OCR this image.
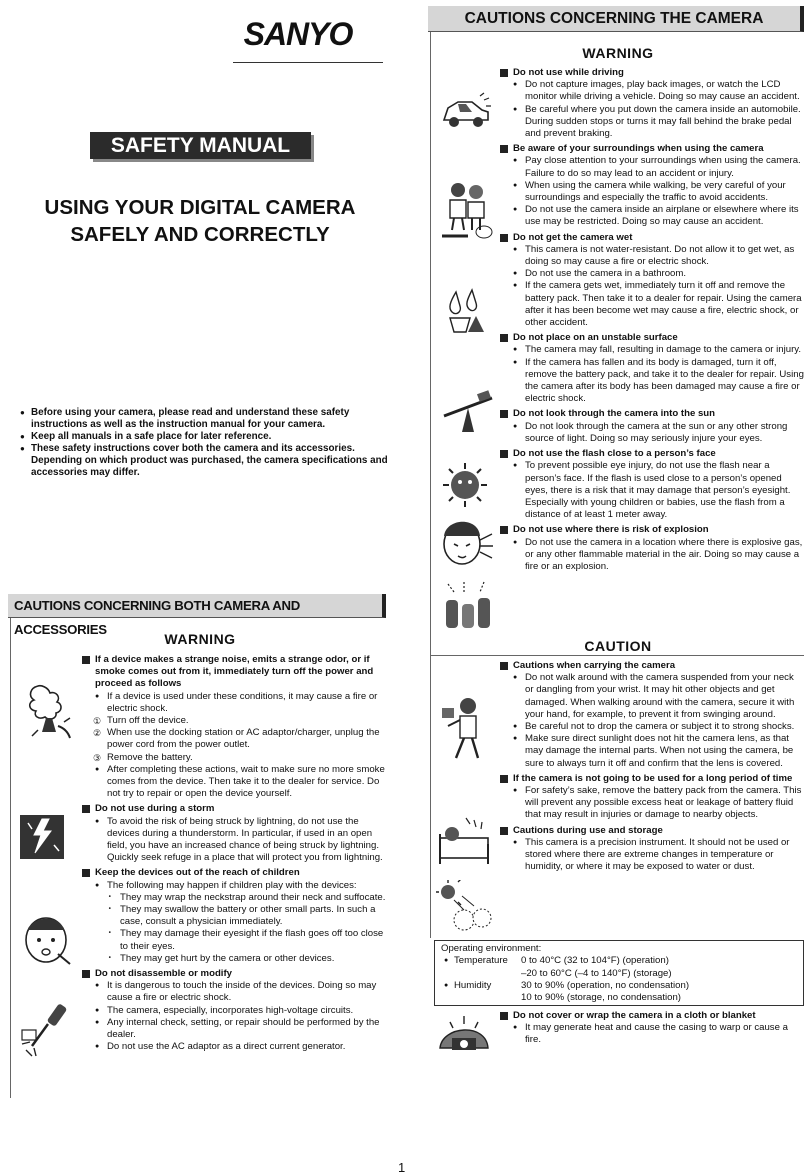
SANYO
SAFETY MANUAL
USING YOUR DIGITAL CAMERA
SAFELY AND CORRECTLY
● Before using your camera, please read and understand these safety instructions as well as the instruction manual for your camera.
● Keep all manuals in a safe place for later reference.
● These safety instructions cover both the camera and its accessories. Depending on which product was purchased, the camera specifications and accessories may differ.
CAUTIONS CONCERNING BOTH CAMERA AND ACCESSORIES
WARNING
If a device makes a strange noise, emits a strange odor, or if smoke comes out from it, immediately turn off the power and proceed as follows
● If a device is used under these conditions, it may cause a fire or electric shock.
① Turn off the device.
② When use the docking station or AC adaptor/charger, unplug the power cord from the power outlet.
③ Remove the battery.
● After completing these actions, wait to make sure no more smoke comes from the device. Then take it to the dealer for service. Do not try to repair or open the device yourself.
Do not use during a storm
● To avoid the risk of being struck by lightning, do not use the devices during a thunderstorm. In particular, if used in an open field, you have an increased chance of being struck by lightning. Quickly seek refuge in a place that will protect you from lightning.
Keep the devices out of the reach of children
● The following may happen if children play with the devices:
・ They may wrap the neckstrap around their neck and suffocate.
・ They may swallow the battery or other small parts. In such a case, consult a physician immediately.
・ They may damage their eyesight if the flash goes off too close to their eyes.
・ They may get hurt by the camera or other devices.
Do not disassemble or modify
● It is dangerous to touch the inside of the devices. Doing so may cause a fire or electric shock.
● The camera, especially, incorporates high-voltage circuits.
● Any internal check, setting, or repair should be performed by the dealer.
● Do not use the AC adaptor as a direct current generator.
CAUTIONS CONCERNING THE CAMERA
WARNING
Do not use while driving
● Do not capture images, play back images, or watch the LCD monitor while driving a vehicle. Doing so may cause an accident.
● Be careful where you put down the camera inside an automobile. During sudden stops or turns it may fall behind the brake pedal and prevent braking.
Be aware of your surroundings when using the camera
● Pay close attention to your surroundings when using the camera. Failure to do so may lead to an accident or injury.
● When using the camera while walking, be very careful of your surroundings and especially the traffic to avoid accidents.
● Do not use the camera inside an airplane or elsewhere where its use may be restricted. Doing so may cause an accident.
Do not get the camera wet
● This camera is not water-resistant. Do not allow it to get wet, as doing so may cause a fire or electric shock.
● Do not use the camera in a bathroom.
● If the camera gets wet, immediately turn it off and remove the battery pack. Then take it to a dealer for repair. Using the camera after it has been become wet may cause a fire, electric shock, or other accident.
Do not place on an unstable surface
● The camera may fall, resulting in damage to the camera or injury.
● If the camera has fallen and its body is damaged, turn it off, remove the battery pack, and take it to the dealer for repair. Using the camera after its body has been damaged may cause a fire or electric shock.
Do not look through the camera into the sun
● Do not look through the camera at the sun or any other strong source of light. Doing so may seriously injure your eyes.
Do not use the flash close to a person’s face
● To prevent possible eye injury, do not use the flash near a person’s face. If the flash is used close to a person’s opened eyes, there is a risk that it may damage that person’s eyesight. Especially with young children or babies, use the flash from a distance of at least 1 meter away.
Do not use where there is risk of explosion
● Do not use the camera in a location where there is explosive gas, or any other flammable material in the air. Doing so may cause a fire or an explosion.
CAUTION
Cautions when carrying the camera
● Do not walk around with the camera suspended from your neck or dangling from your wrist. It may hit other objects and get damaged. When walking around with the camera, secure it with your hand, for example, to prevent it from swinging around.
● Be careful not to drop the camera or subject it to strong shocks.
● Make sure direct sunlight does not hit the camera lens, as that may damage the internal parts. When not using the camera, be sure to always turn it off and confirm that the lens is covered.
If the camera is not going to be used for a long period of time
● For safety’s sake, remove the battery pack from the camera. This will prevent any possible excess heat or leakage of battery fluid that may result in injuries or damage to nearby objects.
Cautions during use and storage
● This camera is a precision instrument. It should not be used or stored where there are extreme changes in temperature or humidity, or where it may be exposed to water or dust.
Operating environment:
● Temperature	0 to 40°C (32 to 104°F) (operation)
–20 to 60°C (–4 to 140°F) (storage)
● Humidity	30 to 90% (operation, no condensation)
10 to 90% (storage, no condensation)
Do not cover or wrap the camera in a cloth or blanket
● It may generate heat and cause the casing to warp or cause a fire.
1
